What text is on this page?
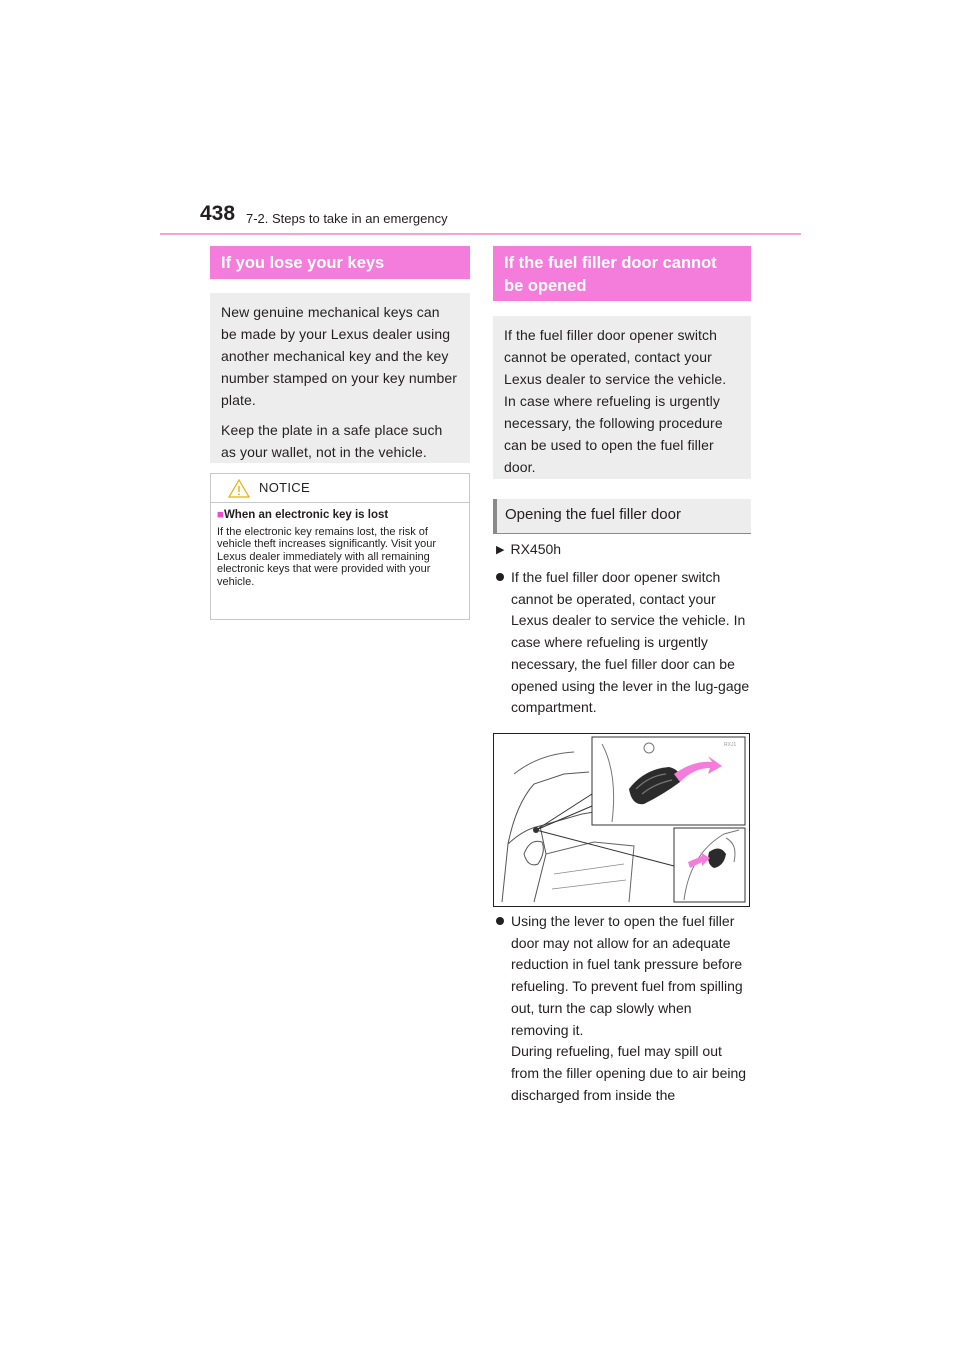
438 7-2. Steps to take in an emergency
If you lose your keys

New genuine mechanical keys can be made by your Lexus dealer using another mechanical key and the key number stamped on your key number plate.

Keep the plate in a safe place such as your wallet, not in the vehicle.

NOTICE
■When an electronic key is lost
If the electronic key remains lost, the risk of vehicle theft increases significantly. Visit your Lexus dealer immediately with all remaining electronic keys that were provided with your vehicle.
If the fuel filler door cannot be opened

If the fuel filler door opener switch cannot be operated, contact your Lexus dealer to service the vehicle. In case where refueling is urgently necessary, the following procedure can be used to open the fuel filler door.

Opening the fuel filler door
▶ RX450h
If the fuel filler door opener switch cannot be operated, contact your Lexus dealer to service the vehicle. In case where refueling is urgently necessary, the fuel filler door can be opened using the lever in the lug-gage compartment.
RXJ1
Using the lever to open the fuel filler door may not allow for an adequate reduction in fuel tank pressure before refueling. To prevent fuel from spilling out, turn the cap slowly when removing it.
During refueling, fuel may spill out from the filler opening due to air being discharged from inside the
